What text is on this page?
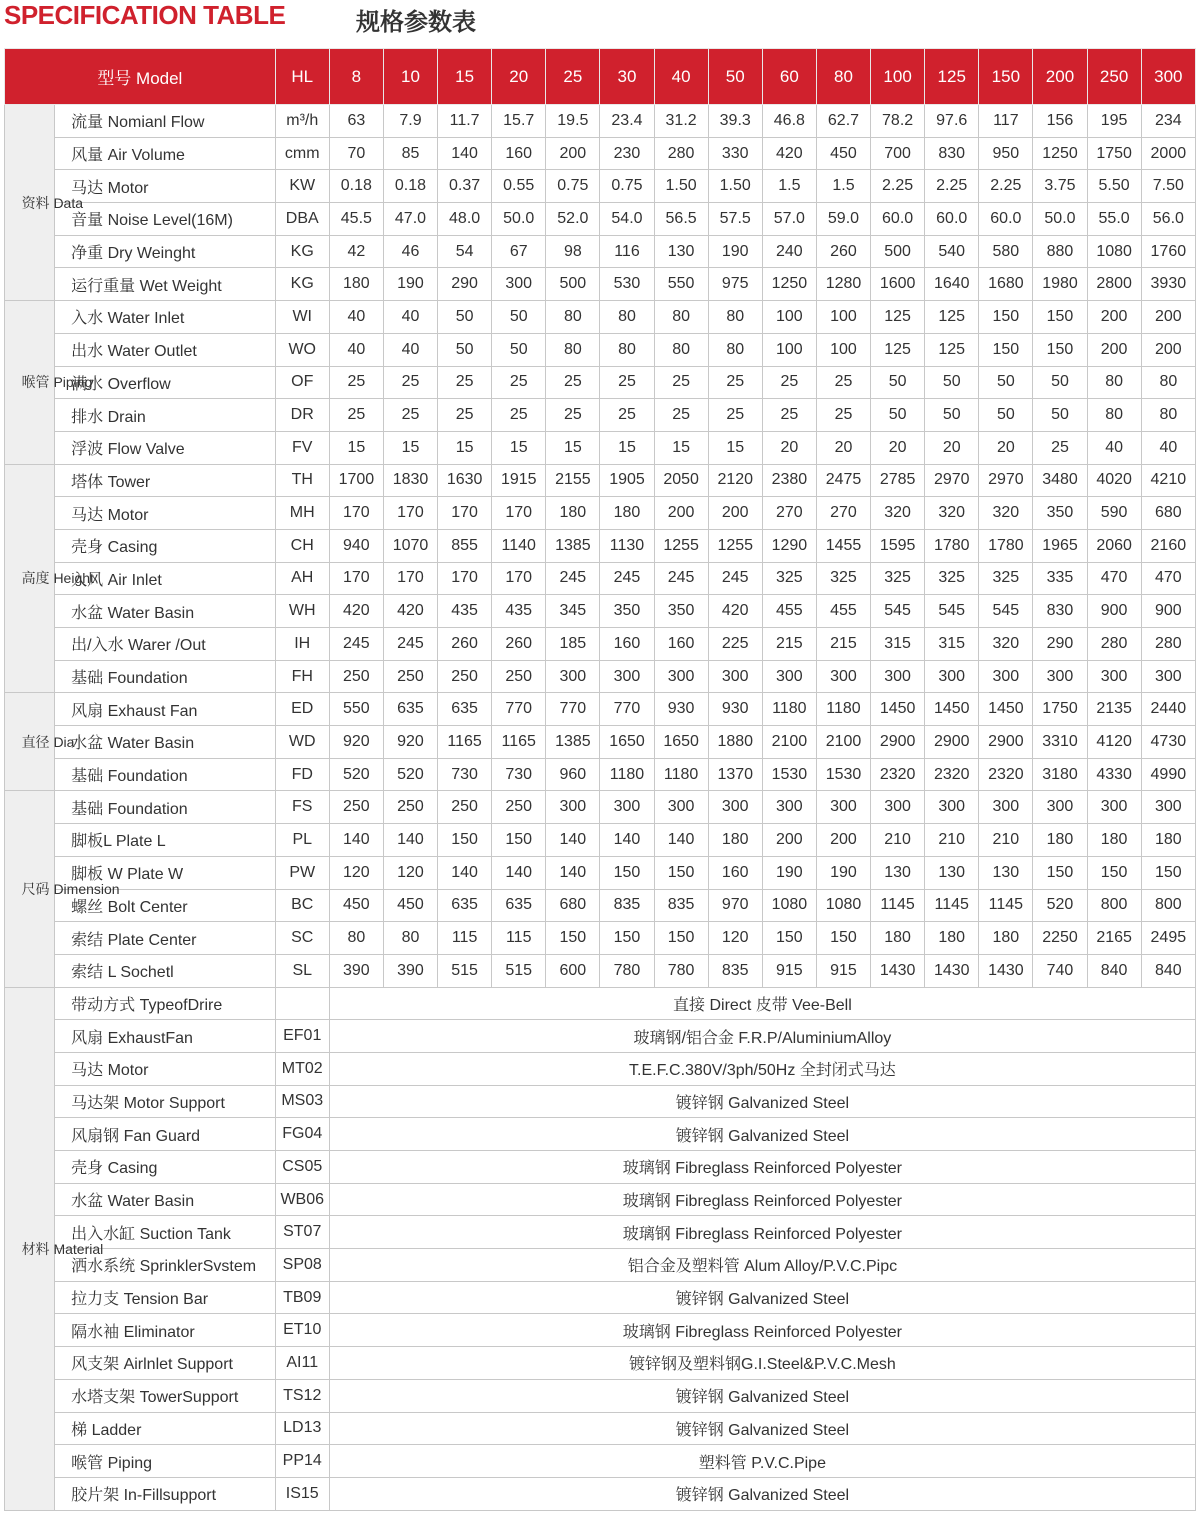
SPECIFICATION TABLE	规格参数表
型号 Model		HL	8	10	15	20	25	30	40	50	60	80	100	125	150	200	250	300
资料 Data	流量 Nomianl Flow	m³/h	63	7.9	11.7	15.7	19.5	23.4	31.2	39.3	46.8	62.7	78.2	97.6	117	156	195	234
	风量 Air Volume	cmm	70	85	140	160	200	230	280	330	420	450	700	830	950	1250	1750	2000
	马达 Motor	KW	0.18	0.18	0.37	0.55	0.75	0.75	1.50	1.50	1.5	1.5	2.25	2.25	2.25	3.75	5.50	7.50
	音量 Noise Level(16M)	DBA	45.5	47.0	48.0	50.0	52.0	54.0	56.5	57.5	57.0	59.0	60.0	60.0	60.0	50.0	55.0	56.0
	净重 Dry Weinght	KG	42	46	54	67	98	116	130	190	240	260	500	540	580	880	1080	1760
	运行重量 Wet Weight	KG	180	190	290	300	500	530	550	975	1250	1280	1600	1640	1680	1980	2800	3930
喉管 Piping	入水 Water Inlet	WI	40	40	50	50	80	80	80	80	100	100	125	125	150	150	200	200
	出水 Water Outlet	WO	40	40	50	50	80	80	80	80	100	100	125	125	150	150	200	200
	满水 Overflow	OF	25	25	25	25	25	25	25	25	25	25	50	50	50	50	80	80
	排水 Drain	DR	25	25	25	25	25	25	25	25	25	25	50	50	50	50	80	80
	浮波 Flow Valve	FV	15	15	15	15	15	15	15	15	20	20	20	20	20	25	40	40
高度 Height	塔体 Tower	TH	1700	1830	1630	1915	2155	1905	2050	2120	2380	2475	2785	2970	2970	3480	4020	4210
	马达 Motor	MH	170	170	170	170	180	180	200	200	270	270	320	320	320	350	590	680
	壳身 Casing	CH	940	1070	855	1140	1385	1130	1255	1255	1290	1455	1595	1780	1780	1965	2060	2160
	入风 Air Inlet	AH	170	170	170	170	245	245	245	245	325	325	325	325	325	335	470	470
	水盆 Water Basin	WH	420	420	435	435	345	350	350	420	455	455	545	545	545	830	900	900
	出/入水 Warer /Out	IH	245	245	260	260	185	160	160	225	215	215	315	315	320	290	280	280
	基础 Foundation	FH	250	250	250	250	300	300	300	300	300	300	300	300	300	300	300	300
直径 Dia	风扇 Exhaust Fan	ED	550	635	635	770	770	770	930	930	1180	1180	1450	1450	1450	1750	2135	2440
	水盆 Water Basin	WD	920	920	1165	1165	1385	1650	1650	1880	2100	2100	2900	2900	2900	3310	4120	4730
	基础 Foundation	FD	520	520	730	730	960	1180	1180	1370	1530	1530	2320	2320	2320	3180	4330	4990
尺码 Dimension	基础 Foundation	FS	250	250	250	250	300	300	300	300	300	300	300	300	300	300	300	300
	脚板L Plate L	PL	140	140	150	150	140	140	140	180	200	200	210	210	210	180	180	180
	脚板 W Plate W	PW	120	120	140	140	140	150	150	160	190	190	130	130	130	150	150	150
	螺丝 Bolt Center	BC	450	450	635	635	680	835	835	970	1080	1080	1145	1145	1145	520	800	800
	索结 Plate Center	SC	80	80	115	115	150	150	150	120	150	150	180	180	180	2250	2165	2495
	索结 L Sochetl	SL	390	390	515	515	600	780	780	835	915	915	1430	1430	1430	740	840	840
材料 Material	带动方式 TypeofDrire		直接 Direct 皮带 Vee-Bell															
	风扇 ExhaustFan	EF01	玻璃钢/铝合金 F.R.P/AluminiumAlloy															
	马达 Motor	MT02	T.E.F.C.380V/3ph/50Hz 全封闭式马达															
	马达架 Motor Support	MS03	镀锌钢 Galvanized Steel															
	风扇钢 Fan Guard	FG04	镀锌钢 Galvanized Steel															
	壳身 Casing	CS05	玻璃钢 Fibreglass Reinforced Polyester															
	水盆 Water Basin	WB06	玻璃钢 Fibreglass Reinforced Polyester															
	出入水缸 Suction Tank	ST07	玻璃钢 Fibreglass Reinforced Polyester															
	洒水系统 SprinklerSvstem	SP08	铝合金及塑料管 Alum Alloy/P.V.C.Pipc															
	拉力支 Tension Bar	TB09	镀锌钢 Galvanized Steel															
	隔水袖 Eliminator	ET10	玻璃钢 Fibreglass Reinforced Polyester															
	风支架 Airlnlet Support	AI11	镀锌钢及塑料钢G.I.Steel&P.V.C.Mesh															
	水塔支架 TowerSupport	TS12	镀锌钢 Galvanized Steel															
	梯 Ladder	LD13	镀锌钢 Galvanized Steel															
	喉管 Piping	PP14	塑料管 P.V.C.Pipe															
	胶片架 In-Fillsupport	IS15	镀锌钢 Galvanized Steel															
